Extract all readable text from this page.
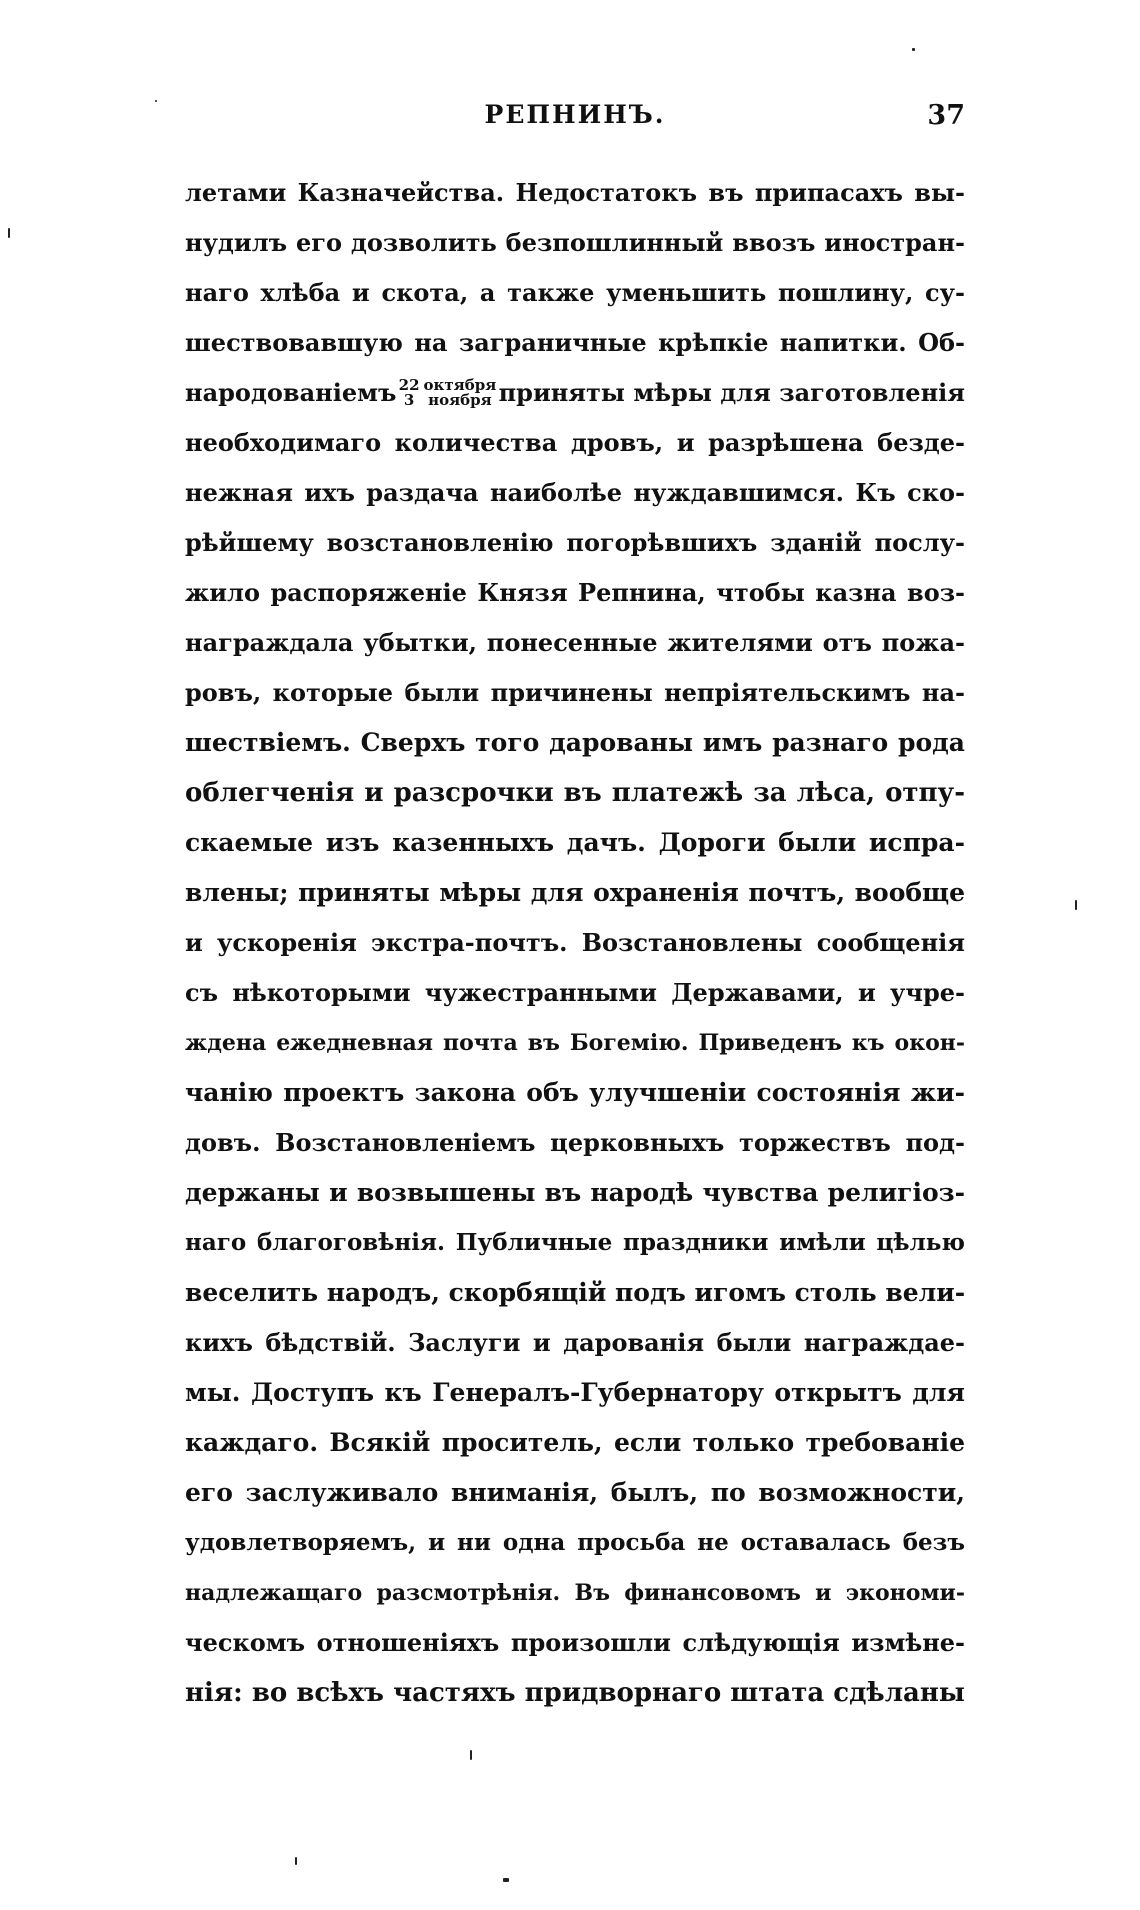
РЕПНИНЪ.	37
летами Казначейства. Недостатокъ въ припасахъ вы-
нудилъ его дозволить безпошлинный ввозъ иностран-
наго хлѣба и скота, а также уменьшить пошлину, су-
шествовавшую на заграничные крѣпкіе напитки. Об-
народованіемъ 22
3
октября
ноября приняты мѣры для заготовленія
необходимаго количества дровъ, и разрѣшена безде-
нежная ихъ раздача наиболѣе нуждавшимся. Къ ско-
рѣйшему возстановленію погорѣвшихъ зданій послу-
жило распоряженіе Князя Репнина, чтобы казна воз-
награждала убытки, понесенные жителями отъ пожа-
ровъ, которые были причинены непріятельскимъ на-
шествіемъ. Сверхъ того дарованы имъ разнаго рода
облегченія и разсрочки въ платежѣ за лѣса, отпу-
скаемые изъ казенныхъ дачъ. Дороги были испра-
влены; приняты мѣры для охраненія почтъ, вообще
и ускоренія экстра-почтъ. Возстановлены сообщенія
съ нѣкоторыми чужестранными Державами, и учре-
ждена ежедневная почта въ Богемію. Приведенъ къ окон-
чанію проектъ закона объ улучшеніи состоянія жи-
довъ. Возстановленіемъ церковныхъ торжествъ под-
держаны и возвышены въ народѣ чувства религіоз-
наго благоговѣнія. Публичные праздники имѣли цѣлью
веселить народъ, скорбящій подъ игомъ столь вели-
кихъ бѣдствій. Заслуги и дарованія были награждае-
мы. Доступъ къ Генералъ-Губернатору открытъ для
каждаго. Всякій проситель, если только требованіе
его заслуживало вниманія, былъ, по возможности,
удовлетворяемъ, и ни одна просьба не оставалась безъ
надлежащаго разсмотрѣнія. Въ финансовомъ и экономи-
ческомъ отношеніяхъ произошли слѣдующія измѣне-
нія: во всѣхъ частяхъ придворнаго штата сдѣланы
